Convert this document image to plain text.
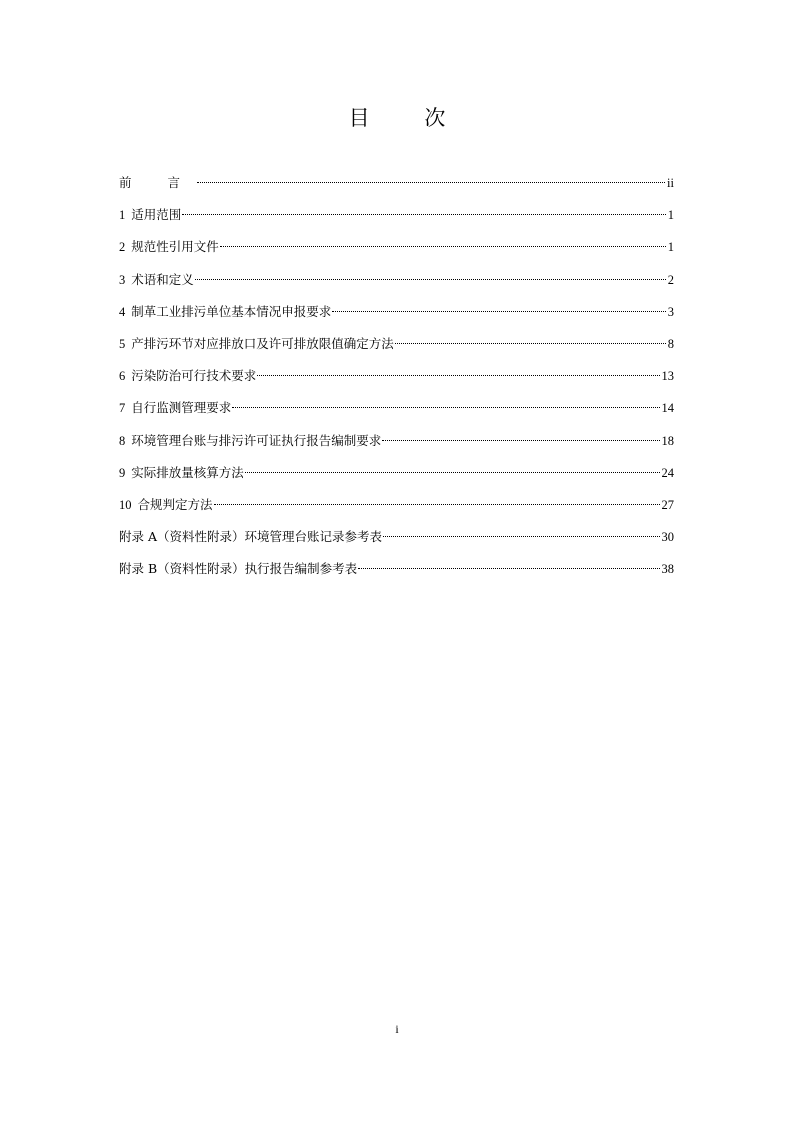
目 次
前 言	ii
1 适用范围	1
2 规范性引用文件	1
3 术语和定义	2
4 制革工业排污单位基本情况申报要求	3
5 产排污环节对应排放口及许可排放限值确定方法	8
6 污染防治可行技术要求	13
7 自行监测管理要求	14
8 环境管理台账与排污许可证执行报告编制要求	18
9 实际排放量核算方法	24
10 合规判定方法	27
附录 A（资料性附录）环境管理台账记录参考表	30
附录 B（资料性附录）执行报告编制参考表	38
i
